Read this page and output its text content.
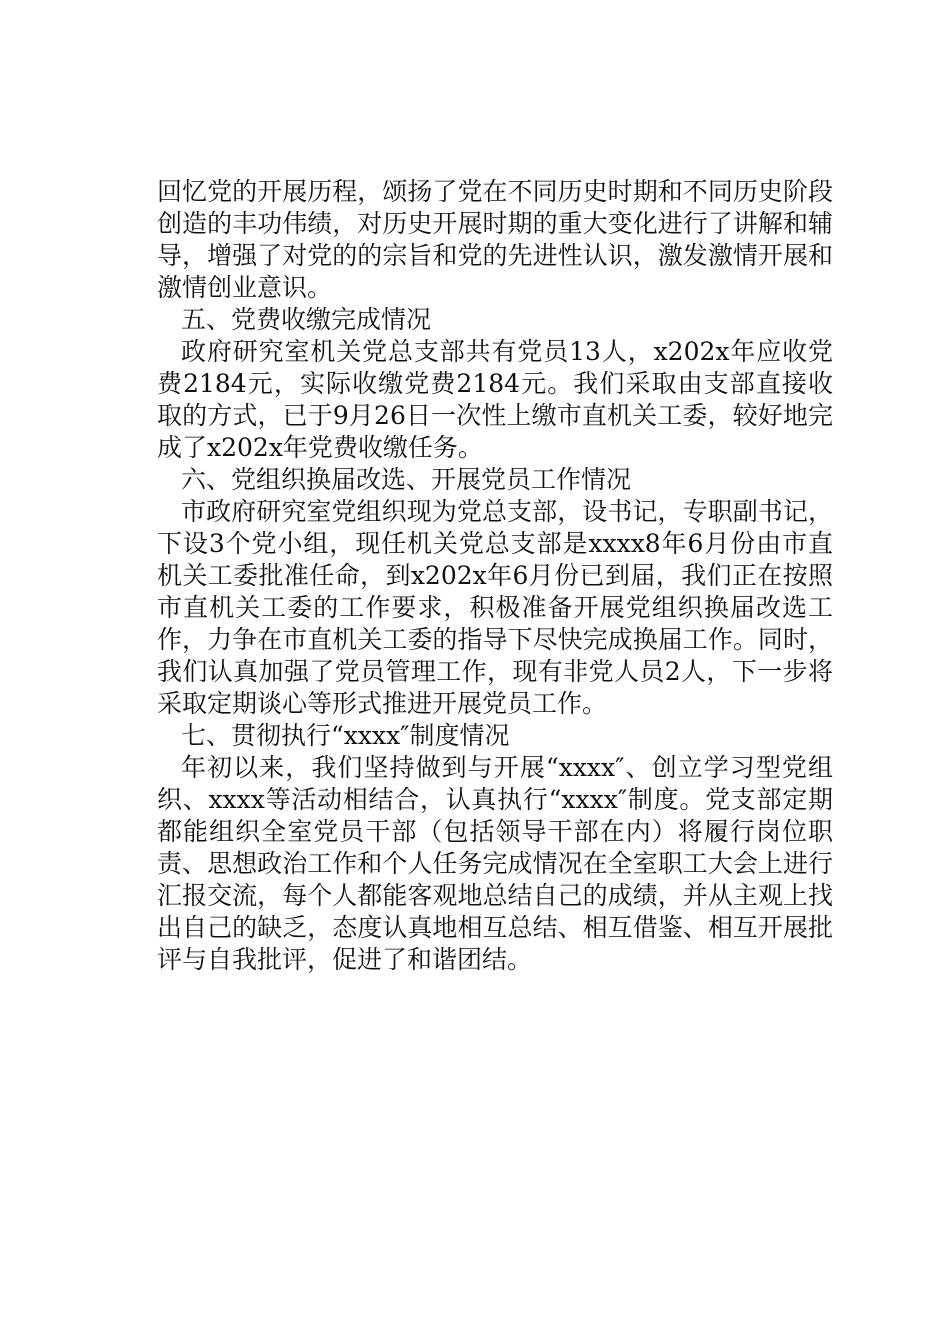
回忆党的开展历程，颂扬了党在不同历史时期和不同历史阶段创造的丰功伟绩，对历史开展时期的重大变化进行了讲解和辅导，增强了对党的的宗旨和党的先进性认识，激发激情开展和激情创业意识。

五、党费收缴完成情况

政府研究室机关党总支部共有党员13人，x202x年应收党费2184元，实际收缴党费2184元。我们采取由支部直接收取的方式，已于9月26日一次性上缴市直机关工委，较好地完成了x202x年党费收缴任务。

六、党组织换届改选、开展党员工作情况

市政府研究室党组织现为党总支部，设书记，专职副书记，下设3个党小组，现任机关党总支部是xxxx8年6月份由市直机关工委批准任命，到x202x年6月份已到届，我们正在按照市直机关工委的工作要求，积极准备开展党组织换届改选工作，力争在市直机关工委的指导下尽快完成换届工作。同时，我们认真加强了党员管理工作，现有非党人员2人，下一步将采取定期谈心等形式推进开展党员工作。

七、贯彻执行“xxxx″制度情况

年初以来，我们坚持做到与开展“xxxx″、创立学习型党组织、xxxx等活动相结合，认真执行“xxxx″制度。党支部定期都能组织全室党员干部（包括领导干部在内）将履行岗位职责、思想政治工作和个人任务完成情况在全室职工大会上进行汇报交流，每个人都能客观地总结自己的成绩，并从主观上找出自己的缺乏，态度认真地相互总结、相互借鉴、相互开展批评与自我批评，促进了和谐团结。
